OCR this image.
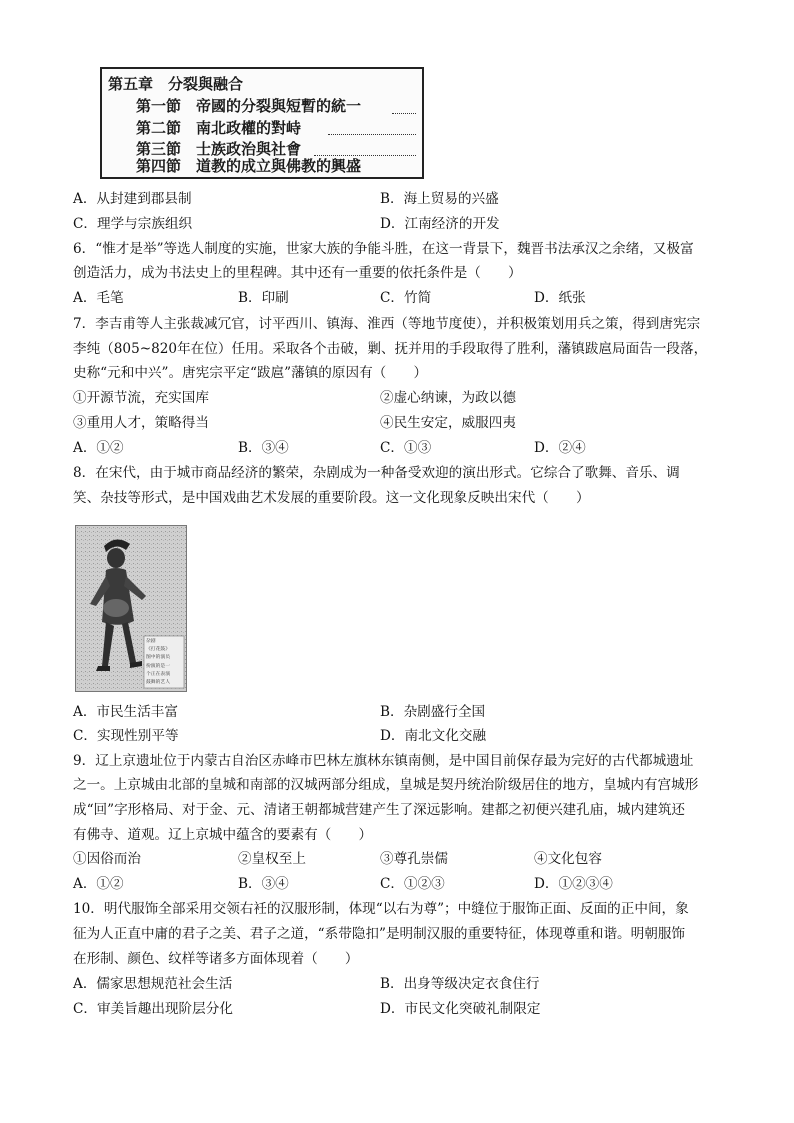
第五章　分裂與融合
第一節　帝國的分裂與短暫的統一
第二節　南北政權的對峙
第三節　士族政治與社會
第四節　道教的成立與佛教的興盛
A．从封建到郡县制	B．海上贸易的兴盛
C．理学与宗族组织	D．江南经济的开发
6．“惟才是举”等选人制度的实施，世家大族的争能斗胜，在这一背景下，魏晋书法承汉之余绪，又极富
创造活力，成为书法史上的里程碑。其中还有一重要的依托条件是（　　）
A．毛笔	B．印刷	C．竹简	D．纸张
7．李吉甫等人主张裁减冗官，讨平西川、镇海、淮西（等地节度使），并积极策划用兵之策，得到唐宪宗
李纯（805~820年在位）任用。采取各个击破，剿、抚并用的手段取得了胜利，藩镇跋扈局面告一段落，
史称“元和中兴”。唐宪宗平定“跋扈”藩镇的原因有（　　）
①开源节流，充实国库	②虚心纳谏，为政以德
③重用人才，策略得当	④民生安定，威服四夷
A．①②	B．③④	C．①③	D．②④
8．在宋代，由于城市商品经济的繁荣，杂剧成为一种备受欢迎的演出形式。它综合了歌舞、音乐、调
笑、杂技等形式，是中国戏曲艺术发展的重要阶段。这一文化现象反映出宋代（　　）
杂剧
《打花鼓》
图中的演员
扮演的是一
个正在表演
鼓舞的艺人
A．市民生活丰富	B．杂剧盛行全国
C．实现性别平等	D．南北文化交融
9．辽上京遗址位于内蒙古自治区赤峰市巴林左旗林东镇南侧，是中国目前保存最为完好的古代都城遗址
之一。上京城由北部的皇城和南部的汉城两部分组成，皇城是契丹统治阶级居住的地方，皇城内有宫城形
成“回”字形格局、对于金、元、清诸王朝都城营建产生了深远影响。建都之初便兴建孔庙，城内建筑还
有佛寺、道观。辽上京城中蕴含的要素有（　　）
①因俗而治	②皇权至上	③尊孔崇儒	④文化包容
A．①②	B．③④	C．①②③	D．①②③④
10．明代服饰全部采用交领右衽的汉服形制，体现“以右为尊”；中缝位于服饰正面、反面的正中间，象
征为人正直中庸的君子之美、君子之道，“系带隐扣”是明制汉服的重要特征，体现尊重和谐。明朝服饰
在形制、颜色、纹样等诸多方面体现着（　　）
A．儒家思想规范社会生活	B．出身等级决定衣食住行
C．审美旨趣出现阶层分化	D．市民文化突破礼制限定
